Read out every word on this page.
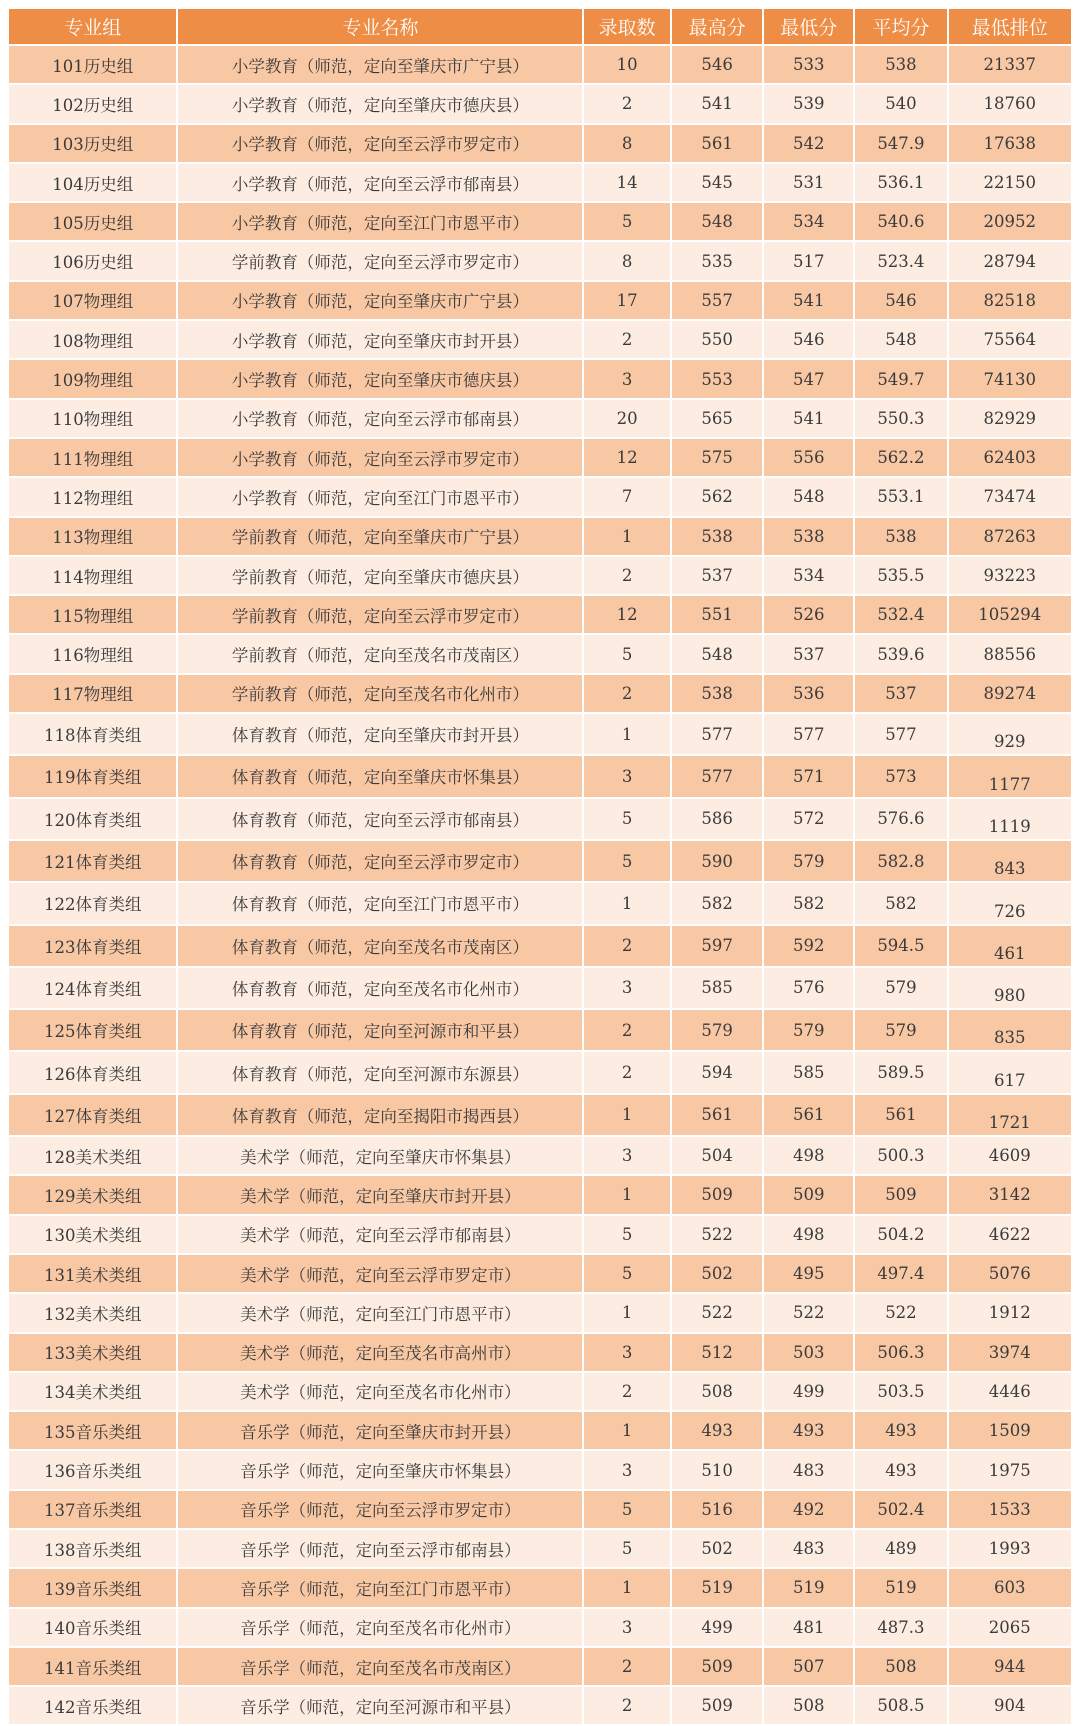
专业组	专业名称	录取数	最高分	最低分	平均分	最低排位
101历史组	小学教育（师范，定向至肇庆市广宁县）	10	546	533	538	21337
102历史组	小学教育（师范，定向至肇庆市德庆县）	2	541	539	540	18760
103历史组	小学教育（师范，定向至云浮市罗定市）	8	561	542	547.9	17638
104历史组	小学教育（师范，定向至云浮市郁南县）	14	545	531	536.1	22150
105历史组	小学教育（师范，定向至江门市恩平市）	5	548	534	540.6	20952
106历史组	学前教育（师范，定向至云浮市罗定市）	8	535	517	523.4	28794
107物理组	小学教育（师范，定向至肇庆市广宁县）	17	557	541	546	82518
108物理组	小学教育（师范，定向至肇庆市封开县）	2	550	546	548	75564
109物理组	小学教育（师范，定向至肇庆市德庆县）	3	553	547	549.7	74130
110物理组	小学教育（师范，定向至云浮市郁南县）	20	565	541	550.3	82929
111物理组	小学教育（师范，定向至云浮市罗定市）	12	575	556	562.2	62403
112物理组	小学教育（师范，定向至江门市恩平市）	7	562	548	553.1	73474
113物理组	学前教育（师范，定向至肇庆市广宁县）	1	538	538	538	87263
114物理组	学前教育（师范，定向至肇庆市德庆县）	2	537	534	535.5	93223
115物理组	学前教育（师范，定向至云浮市罗定市）	12	551	526	532.4	105294
116物理组	学前教育（师范，定向至茂名市茂南区）	5	548	537	539.6	88556
117物理组	学前教育（师范，定向至茂名市化州市）	2	538	536	537	89274
118体育类组	体育教育（师范，定向至肇庆市封开县）	1	577	577	577	929
119体育类组	体育教育（师范，定向至肇庆市怀集县）	3	577	571	573	1177
120体育类组	体育教育（师范，定向至云浮市郁南县）	5	586	572	576.6	1119
121体育类组	体育教育（师范，定向至云浮市罗定市）	5	590	579	582.8	843
122体育类组	体育教育（师范，定向至江门市恩平市）	1	582	582	582	726
123体育类组	体育教育（师范，定向至茂名市茂南区）	2	597	592	594.5	461
124体育类组	体育教育（师范，定向至茂名市化州市）	3	585	576	579	980
125体育类组	体育教育（师范，定向至河源市和平县）	2	579	579	579	835
126体育类组	体育教育（师范，定向至河源市东源县）	2	594	585	589.5	617
127体育类组	体育教育（师范，定向至揭阳市揭西县）	1	561	561	561	1721
128美术类组	美术学（师范，定向至肇庆市怀集县）	3	504	498	500.3	4609
129美术类组	美术学（师范，定向至肇庆市封开县）	1	509	509	509	3142
130美术类组	美术学（师范，定向至云浮市郁南县）	5	522	498	504.2	4622
131美术类组	美术学（师范，定向至云浮市罗定市）	5	502	495	497.4	5076
132美术类组	美术学（师范，定向至江门市恩平市）	1	522	522	522	1912
133美术类组	美术学（师范，定向至茂名市高州市）	3	512	503	506.3	3974
134美术类组	美术学（师范，定向至茂名市化州市）	2	508	499	503.5	4446
135音乐类组	音乐学（师范，定向至肇庆市封开县）	1	493	493	493	1509
136音乐类组	音乐学（师范，定向至肇庆市怀集县）	3	510	483	493	1975
137音乐类组	音乐学（师范，定向至云浮市罗定市）	5	516	492	502.4	1533
138音乐类组	音乐学（师范，定向至云浮市郁南县）	5	502	483	489	1993
139音乐类组	音乐学（师范，定向至江门市恩平市）	1	519	519	519	603
140音乐类组	音乐学（师范，定向至茂名市化州市）	3	499	481	487.3	2065
141音乐类组	音乐学（师范，定向至茂名市茂南区）	2	509	507	508	944
142音乐类组	音乐学（师范，定向至河源市和平县）	2	509	508	508.5	904
